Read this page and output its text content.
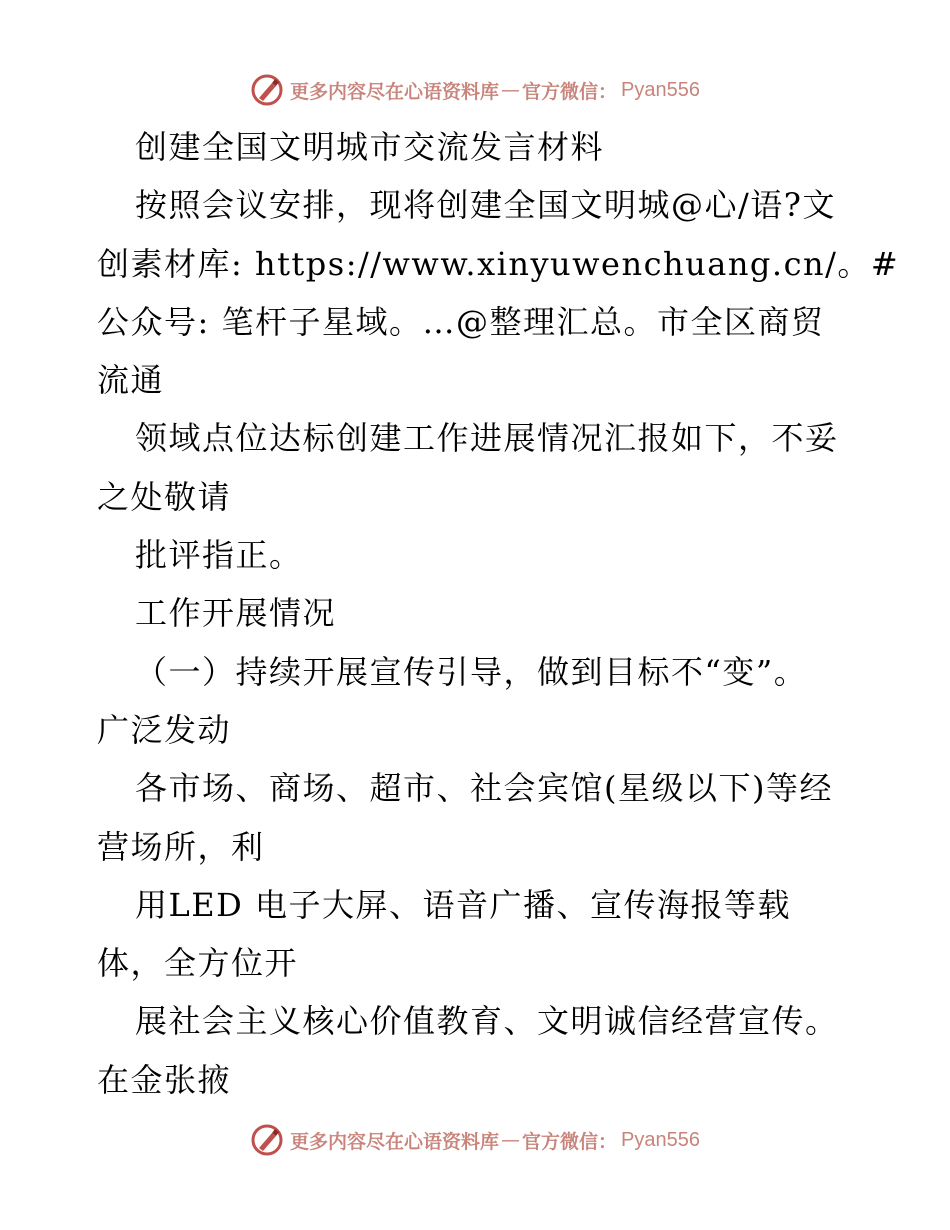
更多内容尽在心语资料库 — 官方微信： Pyan556
创建全国文明城市交流发言材料
按照会议安排，现将创建全国文明城@心/语?文
创素材库: https://www.xinyuwenchuang.cn/。#
公众号: 笔杆子星域。…@整理汇总。市全区商贸
流通
领域点位达标创建工作进展情况汇报如下，不妥
之处敬请
批评指正。
工作开展情况
（一）持续开展宣传引导，做到目标不“变”。
广泛发动
各市场、商场、超市、社会宾馆(星级以下)等经
营场所，利
用LED 电子大屏、语音广播、宣传海报等载
体，全方位开
展社会主义核心价值教育、文明诚信经营宣传。
在金张掖
更多内容尽在心语资料库 — 官方微信： Pyan556
